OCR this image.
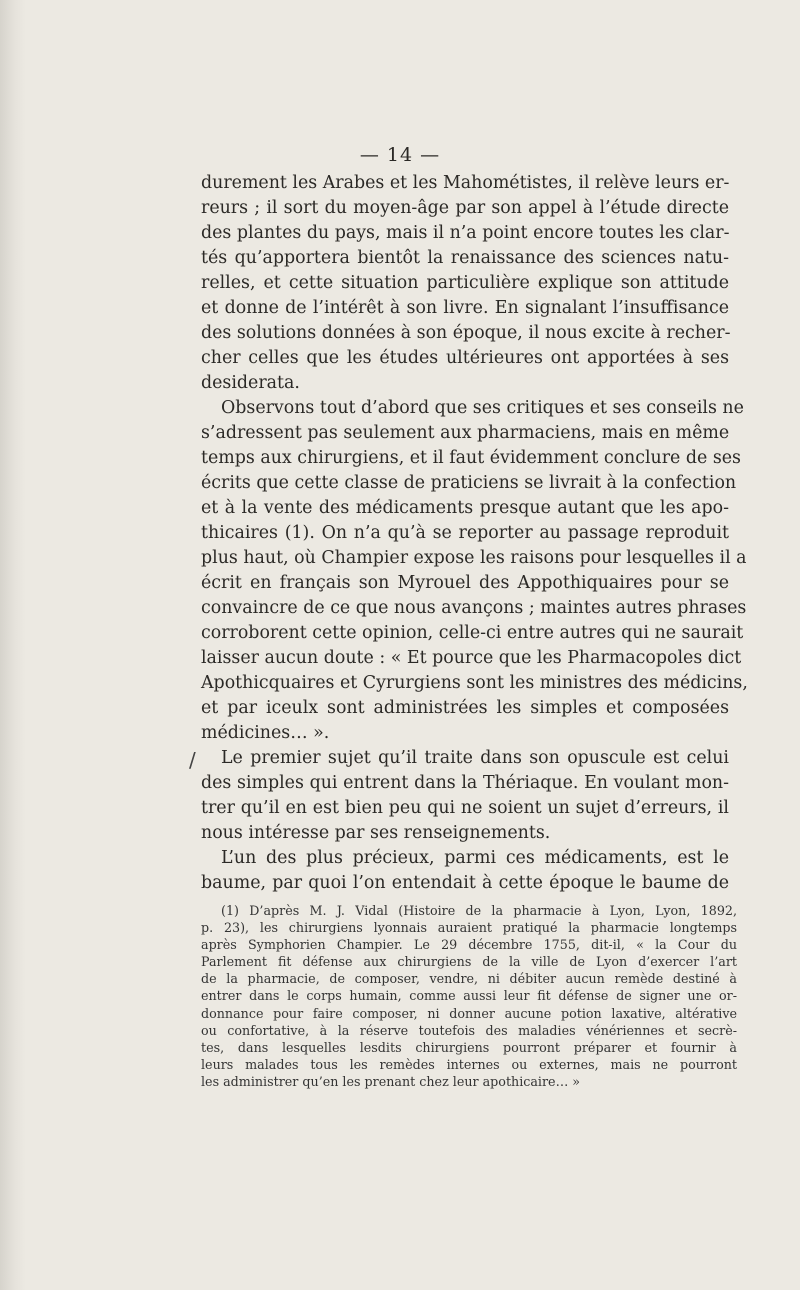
— 14 —
durement les Arabes et les Mahométistes, il relève leurs er-
reurs ; il sort du moyen-âge par son appel à l’étude directe
des plantes du pays, mais il n’a point encore toutes les clar-
tés qu’apportera bientôt la renaissance des sciences natu-
relles, et cette situation particulière explique son attitude
et donne de l’intérêt à son livre. En signalant l’insuffisance
des solutions données à son époque, il nous excite à recher-
cher celles que les études ultérieures ont apportées à ses
desiderata.
Observons tout d’abord que ses critiques et ses conseils ne
s’adressent pas seulement aux pharmaciens, mais en même
temps aux chirurgiens, et il faut évidemment conclure de ses
écrits que cette classe de praticiens se livrait à la confection
et à la vente des médicaments presque autant que les apo-
thicaires (1). On n’a qu’à se reporter au passage reproduit
plus haut, où Champier expose les raisons pour lesquelles il a
écrit en français son Myrouel des Appothiquaires pour se
convaincre de ce que nous avançons ; maintes autres phrases
corroborent cette opinion, celle-ci entre autres qui ne saurait
laisser aucun doute : « Et pource que les Pharmacopoles dict
Apothicquaires et Cyrurgiens sont les ministres des médicins,
et par iceulx sont administrées les simples et composées
médicines… ».
/	Le premier sujet qu’il traite dans son opuscule est celui
des simples qui entrent dans la Thériaque. En voulant mon-
trer qu’il en est bien peu qui ne soient un sujet d’erreurs, il
nous intéresse par ses renseignements.
L’un des plus précieux, parmi ces médicaments, est le
baume, par quoi l’on entendait à cette époque le baume de
(1) D’après M. J. Vidal (Histoire de la pharmacie à Lyon, Lyon, 1892,
p. 23), les chirurgiens lyonnais auraient pratiqué la pharmacie longtemps
après Symphorien Champier. Le 29 décembre 1755, dit-il, « la Cour du
Parlement fit défense aux chirurgiens de la ville de Lyon d’exercer l’art
de la pharmacie, de composer, vendre, ni débiter aucun remède destiné à
entrer dans le corps humain, comme aussi leur fit défense de signer une or-
donnance pour faire composer, ni donner aucune potion laxative, altérative
ou confortative, à la réserve toutefois des maladies vénériennes et secrè-
tes, dans lesquelles lesdits chirurgiens pourront préparer et fournir à
leurs malades tous les remèdes internes ou externes, mais ne pourront
les administrer qu’en les prenant chez leur apothicaire… »
